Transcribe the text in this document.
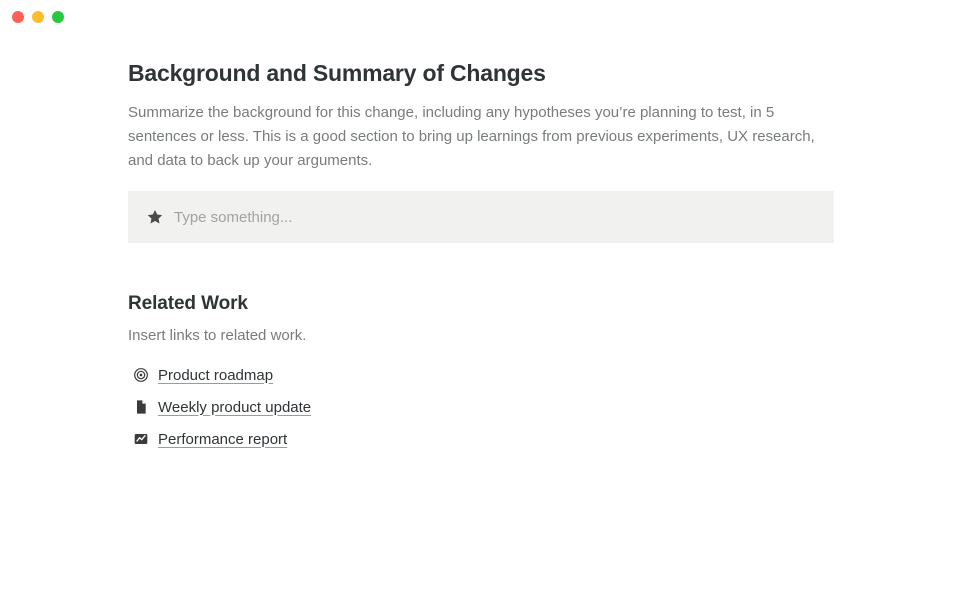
Background and Summary of Changes

Summarize the background for this change, including any hypotheses you’re planning to test, in 5 sentences or less. This is a good section to bring up learnings from previous experiments, UX research, and data to back up your arguments.

Type something...
Related Work

Insert links to related work.

Product roadmap
Weekly product update
Performance report
